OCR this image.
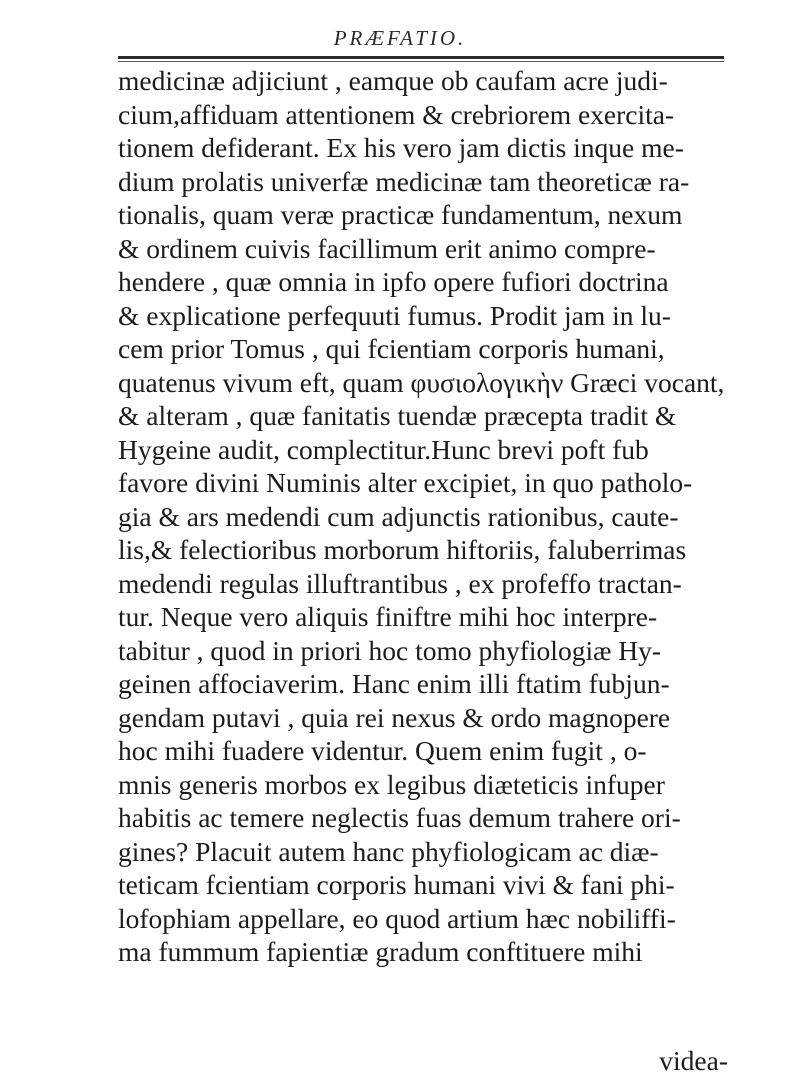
PRÆFATIO.
medicinæ adjiciunt , eamque ob caufam acre judi-
cium,affiduam attentionem & crebriorem exercita-
tionem defiderant. Ex his vero jam dictis inque me-
dium prolatis univerfæ medicinæ tam theoreticæ ra-
tionalis, quam veræ practicæ fundamentum, nexum
& ordinem cuivis facillimum erit animo compre-
hendere , quæ omnia in ipfo opere fufiori doctrina
& explicatione perfequuti fumus. Prodit jam in lu-
cem prior Tomus , qui fcientiam corporis humani,
quatenus vivum eft, quam φυσιολογικὴν Græci vocant,
& alteram , quæ fanitatis tuendæ præcepta tradit &
Hygeine audit, complectitur.Hunc brevi poft fub
favore divini Numinis alter excipiet, in quo patholo-
gia & ars medendi cum adjunctis rationibus, caute-
lis,& felectioribus morborum hiftoriis, faluberrimas
medendi regulas illuftrantibus , ex profeffo tractan-
tur. Neque vero aliquis finiftre mihi hoc interpre-
tabitur , quod in priori hoc tomo phyfiologiæ Hy-
geinen affociaverim. Hanc enim illi ftatim fubjun-
gendam putavi , quia rei nexus & ordo magnopere
hoc mihi fuadere videntur. Quem enim fugit , o-
mnis generis morbos ex legibus diæteticis infuper
habitis ac temere neglectis fuas demum trahere ori-
gines? Placuit autem hanc phyfiologicam ac diæ-
teticam fcientiam corporis humani vivi & fani phi-
lofophiam appellare, eo quod artium hæc nobiliffi-
ma fummum fapientiæ gradum conftituere mihi
videa-
